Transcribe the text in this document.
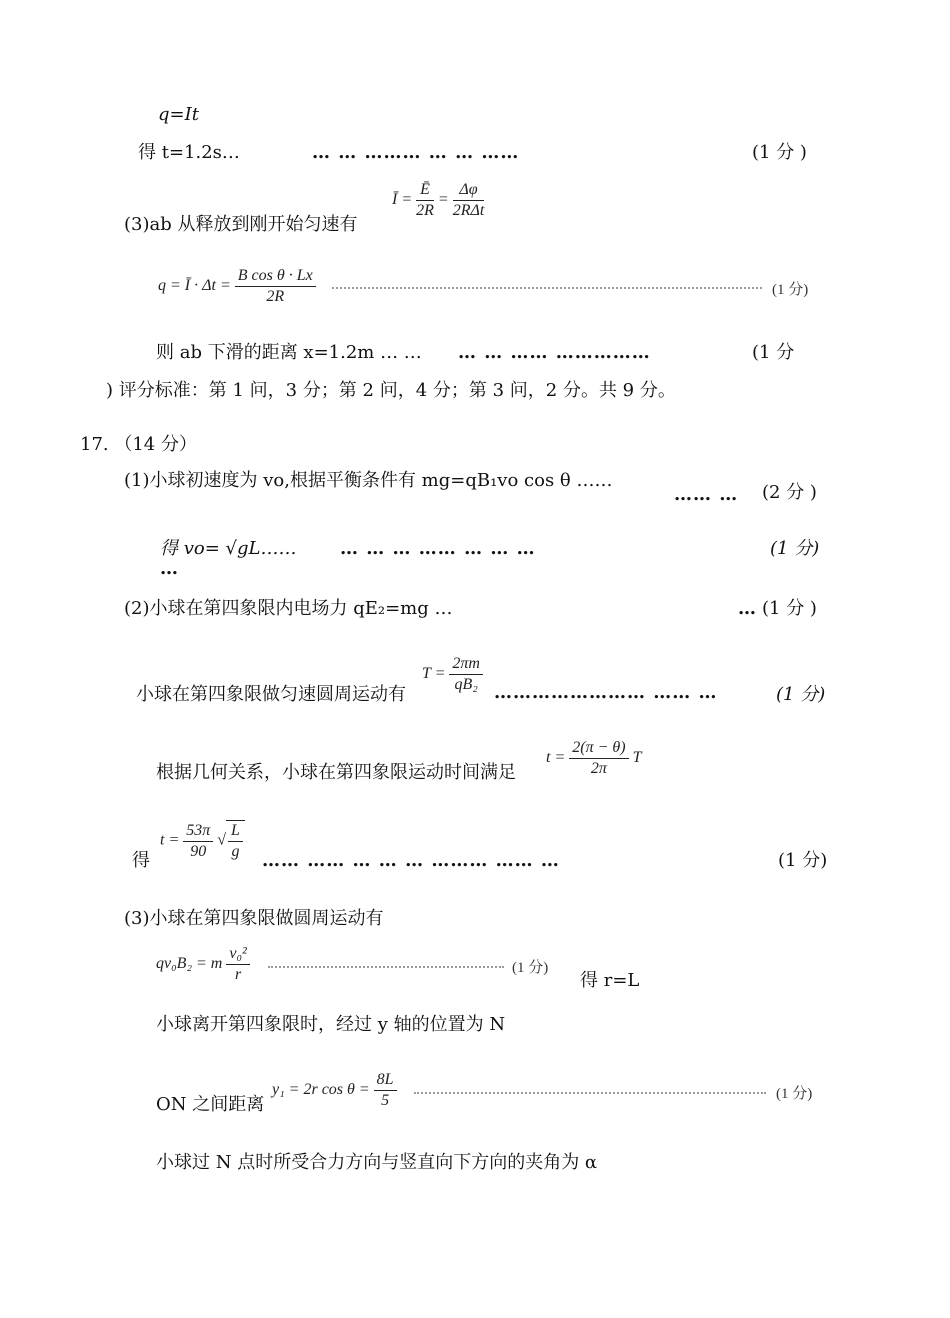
q=It
得 t=1.2s…	… … ……… … … ……	(1 分 )
(3)ab 从释放到刚开始匀速有
Ī = $\frac{Ē}{2R} = \frac{\Delta\varphi}{\text{2RΔt}}$
q = Ī · $\Delta t = \frac{\text{B cos θ · Lx}}{2R}$	(1 分)
则 ab 下滑的距离 x=1.2m … … … … …… ……………	(1 分
) 评分标准：第 1 问，3 分；第 2 问，4 分；第 3 问，2 分。共 9 分。
17. （14 分）
(1)小球初速度为 vo,根据平衡条件有 mg=qB₁vo cos θ ……
…… … (2 分 )
得 vo= √gL…… … … … …… … … …	(1 分)
…
(2)小球在第四象限内电场力 qE₂=mg …	… (1 分 )
小球在第四象限做匀速圆周运动有
$T = \frac{2\pi m}{\text{qB₂}}$ …………………… …… …	(1 分)
根据几何关系，小球在第四象限运动时间满足
$t = \frac{2(\pi - \theta)}{2\pi}$ T
得
$t = \frac{53\pi}{90}$ √ $\frac{L}{g}$ …… …… … … … ……… …… …	(1 分)
(3)小球在第四象限做圆周运动有
qv₀B₂ = m $\frac{\text{v₀²}}{r}$	(1 分)
得 r=L
小球离开第四象限时，经过 y 轴的位置为 N
ON 之间距离
y₁ = 2r $\cos \theta = \frac{8L}{5}$	(1 分)
小球过 N 点时所受合力方向与竖直向下方向的夹角为 α
